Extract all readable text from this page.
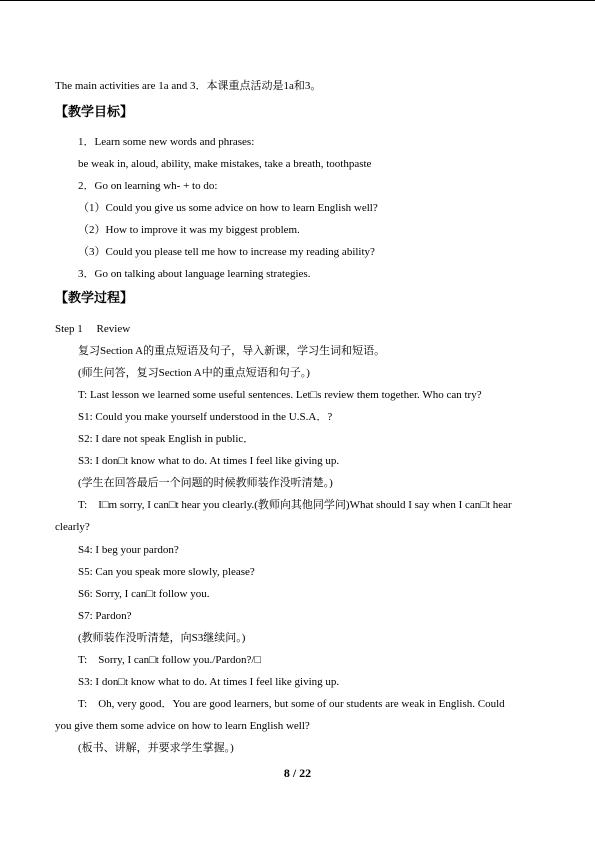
The main activities are 1a and 3．本课重点活动是1a和3。
【教学目标】
1．Learn some new words and phrases:
be weak in, aloud, ability, make mistakes, take a breath, toothpaste
2．Go on learning wh- + to do:
（1）Could you give us some advice on how to learn English well?
（2）How to improve it was my biggest problem.
（3）Could you please tell me how to increase my reading ability?
3．Go on talking about language learning strategies.
【教学过程】
Step 1　 Review
复习Section A的重点短语及句子，导入新课，学习生词和短语。
(师生问答，复习Section A中的重点短语和句子。)
T: Last lesson we learned some useful sentences. Let□s review them together. Who can try?
S1: Could you make yourself understood in the U.S.A．?
S2: I dare not speak English in public．
S3: I don□t know what to do. At times I feel like giving up.
(学生在回答最后一个问题的时候教师装作没听清楚。)
T:　I□m sorry, I can□t hear you clearly.(教师向其他同学问)What should I say when I can□t hear
clearly?
S4: I beg your pardon?
S5: Can you speak more slowly, please?
S6: Sorry, I can□t follow you.
S7: Pardon?
(教师装作没听清楚，向S3继续问。)
T:　Sorry, I can□t follow you./Pardon?/□
S3: I don□t know what to do. At times I feel like giving up.
T:　Oh, very good．You are good learners, but some of our students are weak in English. Could
you give them some advice on how to learn English well?
(板书、讲解，并要求学生掌握。)
8 / 22
